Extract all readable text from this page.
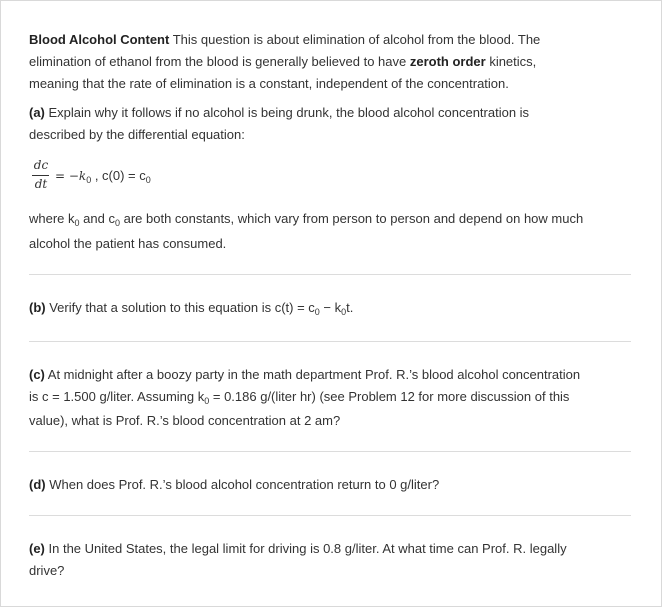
Blood Alcohol Content This question is about elimination of alcohol from the blood. The
elimination of ethanol from the blood is generally believed to have zeroth order kinetics,
meaning that the rate of elimination is a constant, independent of the concentration.
(a) Explain why it follows if no alcohol is being drunk, the blood alcohol concentration is
described by the differential equation:
dc
dt
= $-k_0$ , $c(0) = c_0$
where $k_0$ and $c_0$ are both constants, which vary from person to person and depend on how much
alcohol the patient has consumed.
(b) Verify that a solution to this equation is $c(t) = c_0 - k_0t$.
(c) At midnight after a boozy party in the math department Prof. R.’s blood alcohol concentration
is c = 1.500 g/liter. Assuming $k_0 = 0.186$ g/(liter hr) (see Problem 12 for more discussion of this
value), what is Prof. R.’s blood concentration at 2 am?
(d) When does Prof. R.’s blood alcohol concentration return to 0 g/liter?
(e) In the United States, the legal limit for driving is 0.8 g/liter. At what time can Prof. R. legally
drive?
